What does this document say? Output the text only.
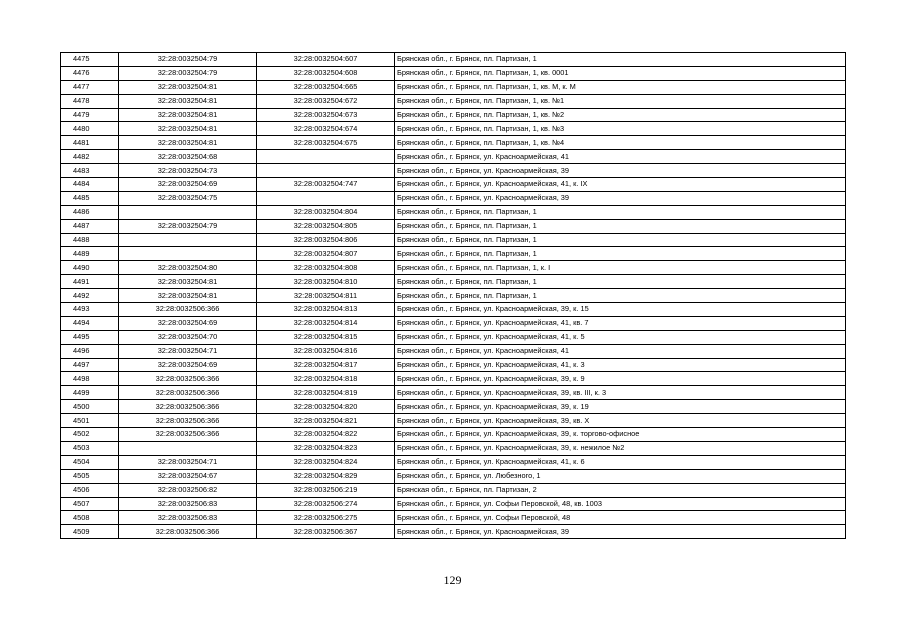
4475	32:28:0032504:79	32:28:0032504:607	Брянская обл., г. Брянск, пл. Партизан, 1
4476	32:28:0032504:79	32:28:0032504:608	Брянская обл., г. Брянск, пл. Партизан, 1, кв. 0001
4477	32:28:0032504:81	32:28:0032504:665	Брянская обл., г. Брянск, пл. Партизан, 1, кв. М, к. М
4478	32:28:0032504:81	32:28:0032504:672	Брянская обл., г. Брянск, пл. Партизан, 1, кв. №1
4479	32:28:0032504:81	32:28:0032504:673	Брянская обл., г. Брянск, пл. Партизан, 1, кв. №2
4480	32:28:0032504:81	32:28:0032504:674	Брянская обл., г. Брянск, пл. Партизан, 1, кв. №3
4481	32:28:0032504:81	32:28:0032504:675	Брянская обл., г. Брянск, пл. Партизан, 1, кв. №4
4482	32:28:0032504:68		Брянская обл., г. Брянск, ул. Красноармейская, 41
4483	32:28:0032504:73		Брянская обл., г. Брянск, ул. Красноармейская, 39
4484	32:28:0032504:69	32:28:0032504:747	Брянская обл., г. Брянск, ул. Красноармейская, 41, к. IX
4485	32:28:0032504:75		Брянская обл., г. Брянск, ул. Красноармейская, 39
4486		32:28:0032504:804	Брянская обл., г. Брянск, пл. Партизан, 1
4487	32:28:0032504:79	32:28:0032504:805	Брянская обл., г. Брянск, пл. Партизан, 1
4488		32:28:0032504:806	Брянская обл., г. Брянск, пл. Партизан, 1
4489		32:28:0032504:807	Брянская обл., г. Брянск, пл. Партизан, 1
4490	32:28:0032504:80	32:28:0032504:808	Брянская обл., г. Брянск, пл. Партизан, 1, к. I
4491	32:28:0032504:81	32:28:0032504:810	Брянская обл., г. Брянск, пл. Партизан, 1
4492	32:28:0032504:81	32:28:0032504:811	Брянская обл., г. Брянск, пл. Партизан, 1
4493	32:28:0032506:366	32:28:0032504:813	Брянская обл., г. Брянск, ул. Красноармейская, 39, к. 15
4494	32:28:0032504:69	32:28:0032504:814	Брянская обл., г. Брянск, ул. Красноармейская, 41, кв. 7
4495	32:28:0032504:70	32:28:0032504:815	Брянская обл., г. Брянск, ул. Красноармейская, 41, к. 5
4496	32:28:0032504:71	32:28:0032504:816	Брянская обл., г. Брянск, ул. Красноармейская, 41
4497	32:28:0032504:69	32:28:0032504:817	Брянская обл., г. Брянск, ул. Красноармейская, 41, к. 3
4498	32:28:0032506:366	32:28:0032504:818	Брянская обл., г. Брянск, ул. Красноармейская, 39, к. 9
4499	32:28:0032506:366	32:28:0032504:819	Брянская обл., г. Брянск, ул. Красноармейская, 39, кв. III, к. 3
4500	32:28:0032506:366	32:28:0032504:820	Брянская обл., г. Брянск, ул. Красноармейская, 39, к. 19
4501	32:28:0032506:366	32:28:0032504:821	Брянская обл., г. Брянск, ул. Красноармейская, 39, кв. X
4502	32:28:0032506:366	32:28:0032504:822	Брянская обл., г. Брянск, ул. Красноармейская, 39, к. торгово-офисное
4503		32:28:0032504:823	Брянская обл., г. Брянск, ул. Красноармейская, 39, к. нежилое №2
4504	32:28:0032504:71	32:28:0032504:824	Брянская обл., г. Брянск, ул. Красноармейская, 41, к. 6
4505	32:28:0032504:67	32:28:0032504:829	Брянская обл., г. Брянск, ул. Любезного, 1
4506	32:28:0032506:82	32:28:0032506:219	Брянская обл., г. Брянск, пл. Партизан, 2
4507	32:28:0032506:83	32:28:0032506:274	Брянская обл., г. Брянск, ул. Софьи Перовской, 48, кв. 1003
4508	32:28:0032506:83	32:28:0032506:275	Брянская обл., г. Брянск, ул. Софьи Перовской, 48
4509	32:28:0032506:366	32:28:0032506:367	Брянская обл., г. Брянск, ул. Красноармейская, 39
129
